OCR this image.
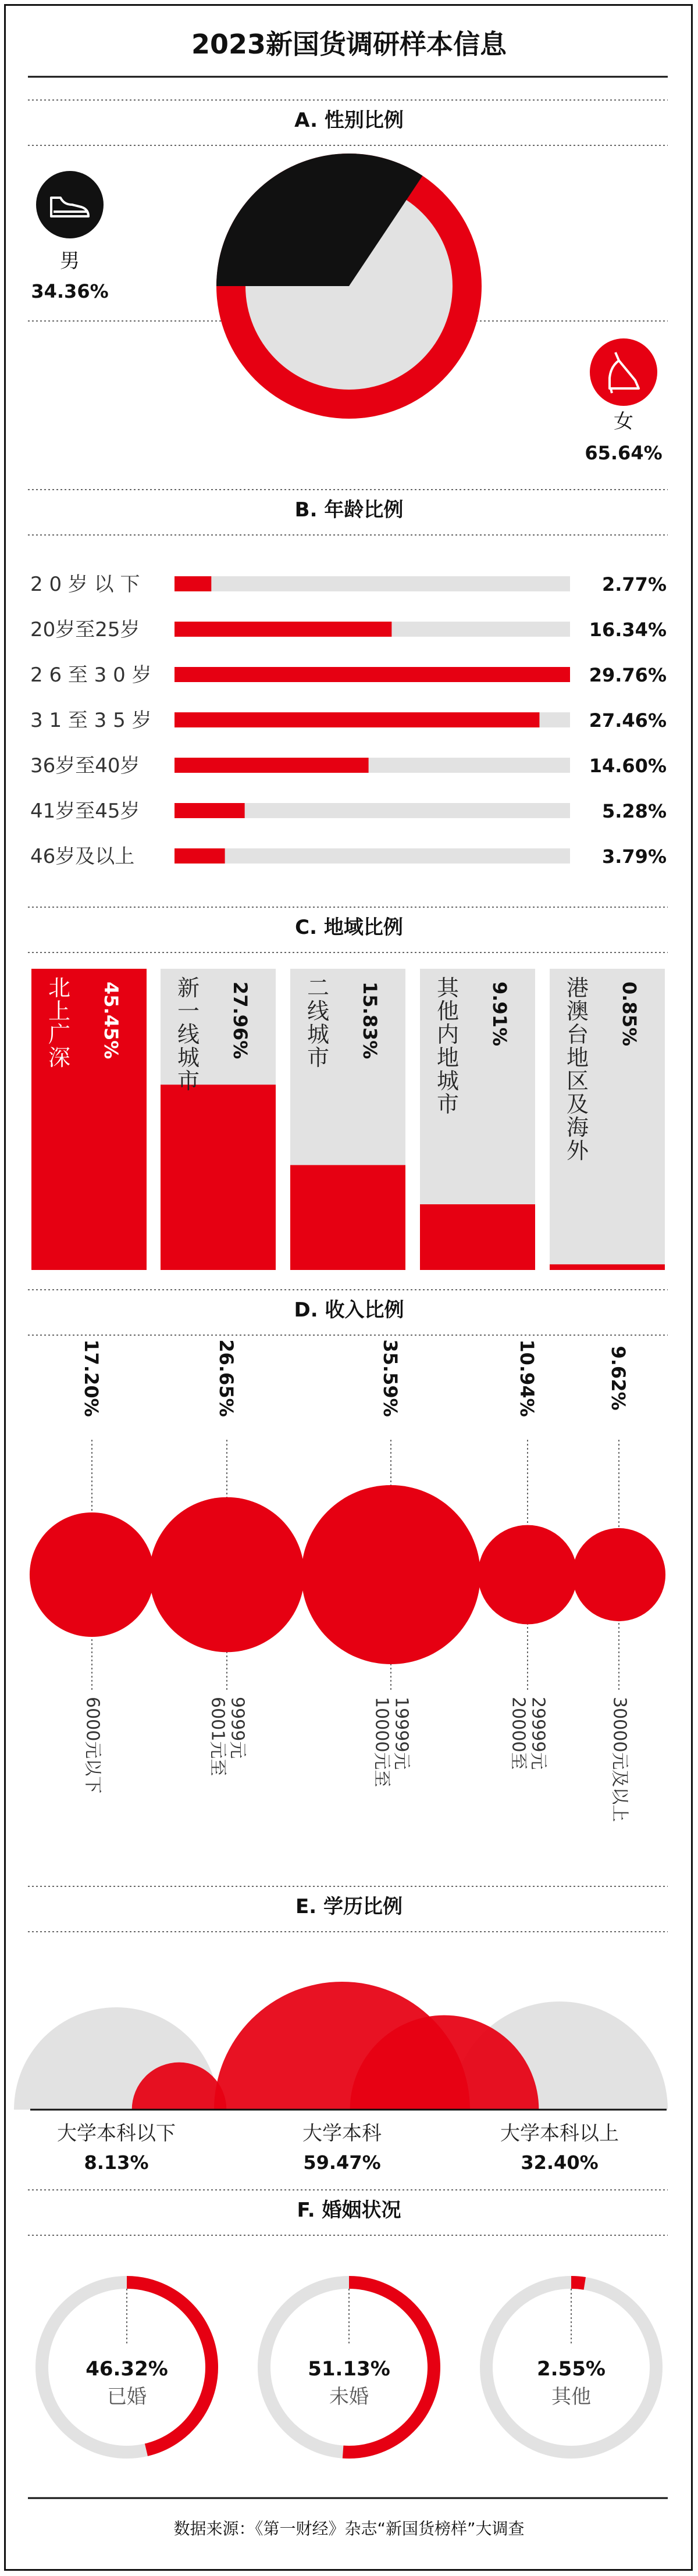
2023新国货调研样本信息
A. 性别比例
男
34.36%
女
65.64%
B. 年龄比例
2 0 岁 以 下	2.77%
20岁至25岁	16.34%
2 6 至 3 0 岁	29.76%
3 1 至 3 5 岁	27.46%
36岁至40岁	14.60%
41岁至45岁	5.28%
46岁及以上	3.79%
C. 地域比例
45.45%
北上广深	27.96%
新一线城市
15.83%
二线城市
9.91%
其他内地城市
0.85%
港澳台地区及海外
D. 收入比例
17.20%
6000元以下
26.65%
6001元至 9999元
35.59%
10000元至 19999元
10.94%
20000至 29999元
9.62%
30000元及以上
E. 学历比例
大学本科以下
8.13%
大学本科
59.47%
大学本科以上
32.40%
F. 婚姻状况
46.32%
已婚
51.13%
未婚
2.55%
其他
数据来源：《第一财经》杂志“新国货榜样”大调查
